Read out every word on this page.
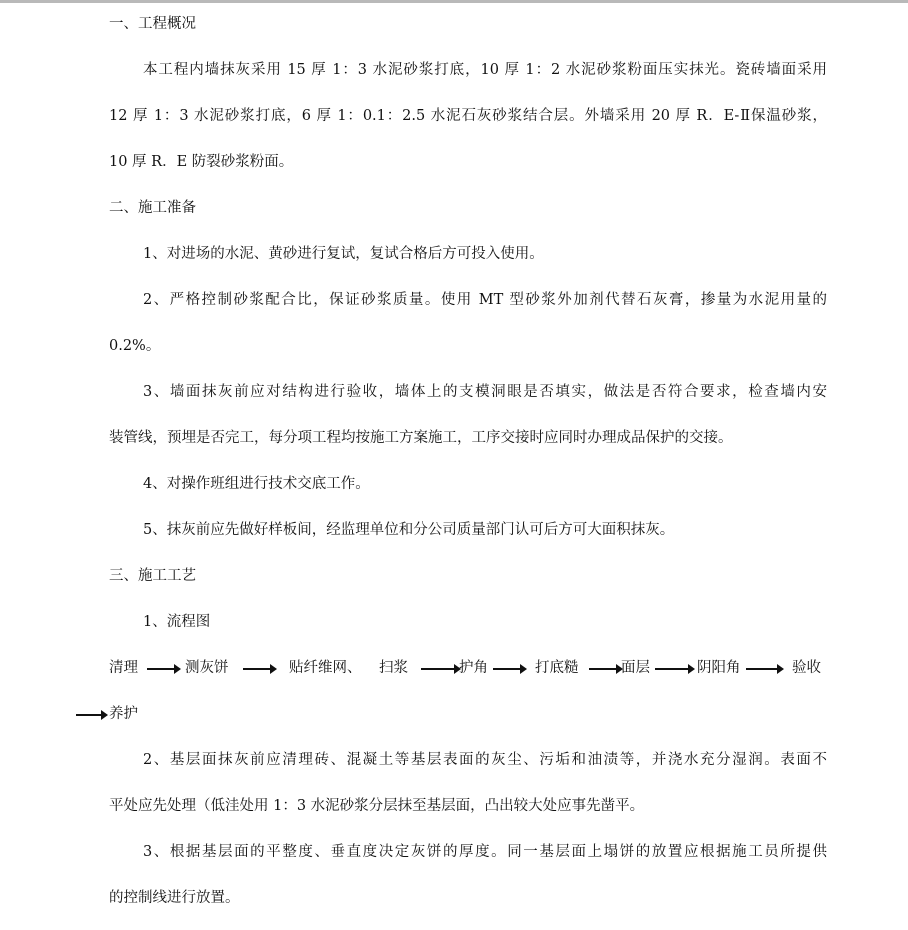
一、工程概况
本工程内墙抹灰采用 15 厚 1：3 水泥砂浆打底，10 厚 1：2 水泥砂浆粉面压实抹光。瓷砖墙面采用
12 厚 1：3 水泥砂浆打底，6 厚 1：0.1：2.5 水泥石灰砂浆结合层。外墙采用 20 厚 R．E-Ⅱ保温砂浆，
10 厚 R．E 防裂砂浆粉面。
二、施工准备
1、对进场的水泥、黄砂进行复试，复试合格后方可投入使用。
2、严格控制砂浆配合比，保证砂浆质量。使用 MT 型砂浆外加剂代替石灰膏，掺量为水泥用量的
0.2%。
3、墙面抹灰前应对结构进行验收，墙体上的支模洞眼是否填实，做法是否符合要求，检查墙内安
装管线，预埋是否完工，每分项工程均按施工方案施工，工序交接时应同时办理成品保护的交接。
4、对操作班组进行技术交底工作。
5、抹灰前应先做好样板间，经监理单位和分公司质量部门认可后方可大面积抹灰。
三、施工工艺
1、流程图
清理	测灰饼	贴纤维网、 扫浆	护角	打底糙	面层	阴阳角	验收
养护
2、基层面抹灰前应清理砖、混凝土等基层表面的灰尘、污垢和油渍等，并浇水充分湿润。表面不
平处应先处理（低洼处用 1：3 水泥砂浆分层抹至基层面，凸出较大处应事先凿平。
3、根据基层面的平整度、垂直度决定灰饼的厚度。同一基层面上塌饼的放置应根据施工员所提供
的控制线进行放置。
